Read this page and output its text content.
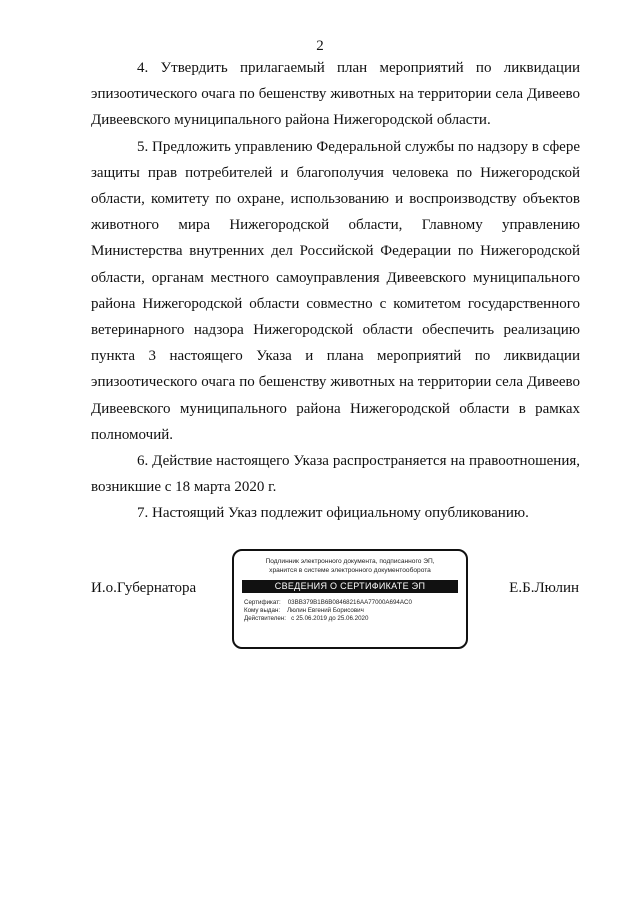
2

4. Утвердить прилагаемый план мероприятий по ликвидации эпизоотического очага по бешенству животных на территории села Дивеево Дивеевского муниципального района Нижегородской области.

5. Предложить управлению Федеральной службы по надзору в сфере защиты прав потребителей и благополучия человека по Нижегородской области, комитету по охране, использованию и воспроизводству объектов животного мира Нижегородской области, Главному управлению Министерства внутренних дел Российской Федерации по Нижегородской области, органам местного самоуправления Дивеевского муниципального района Нижегородской области совместно с комитетом государственного ветеринарного надзора Нижегородской области обеспечить реализацию пункта 3 настоящего Указа и плана мероприятий по ликвидации эпизоотического очага по бешенству животных на территории села Дивеево Дивеевского муниципального района Нижегородской области в рамках полномочий.

6. Действие настоящего Указа распространяется на правоотношения, возникшие с 18 марта 2020 г.

7. Настоящий Указ подлежит официальному опубликованию.

И.о.Губернатора
Подлинник электронного документа, подписанного ЭП,
хранится в системе электронного документооборота
СВЕДЕНИЯ О СЕРТИФИКАТЕ ЭП
Сертификат: 03BB379B1B6B08468216AA77000A694AC0
Кому выдан: Люлин Евгений Борисович
Действителен: с 25.06.2019 до 25.06.2020
Е.Б.Люлин
